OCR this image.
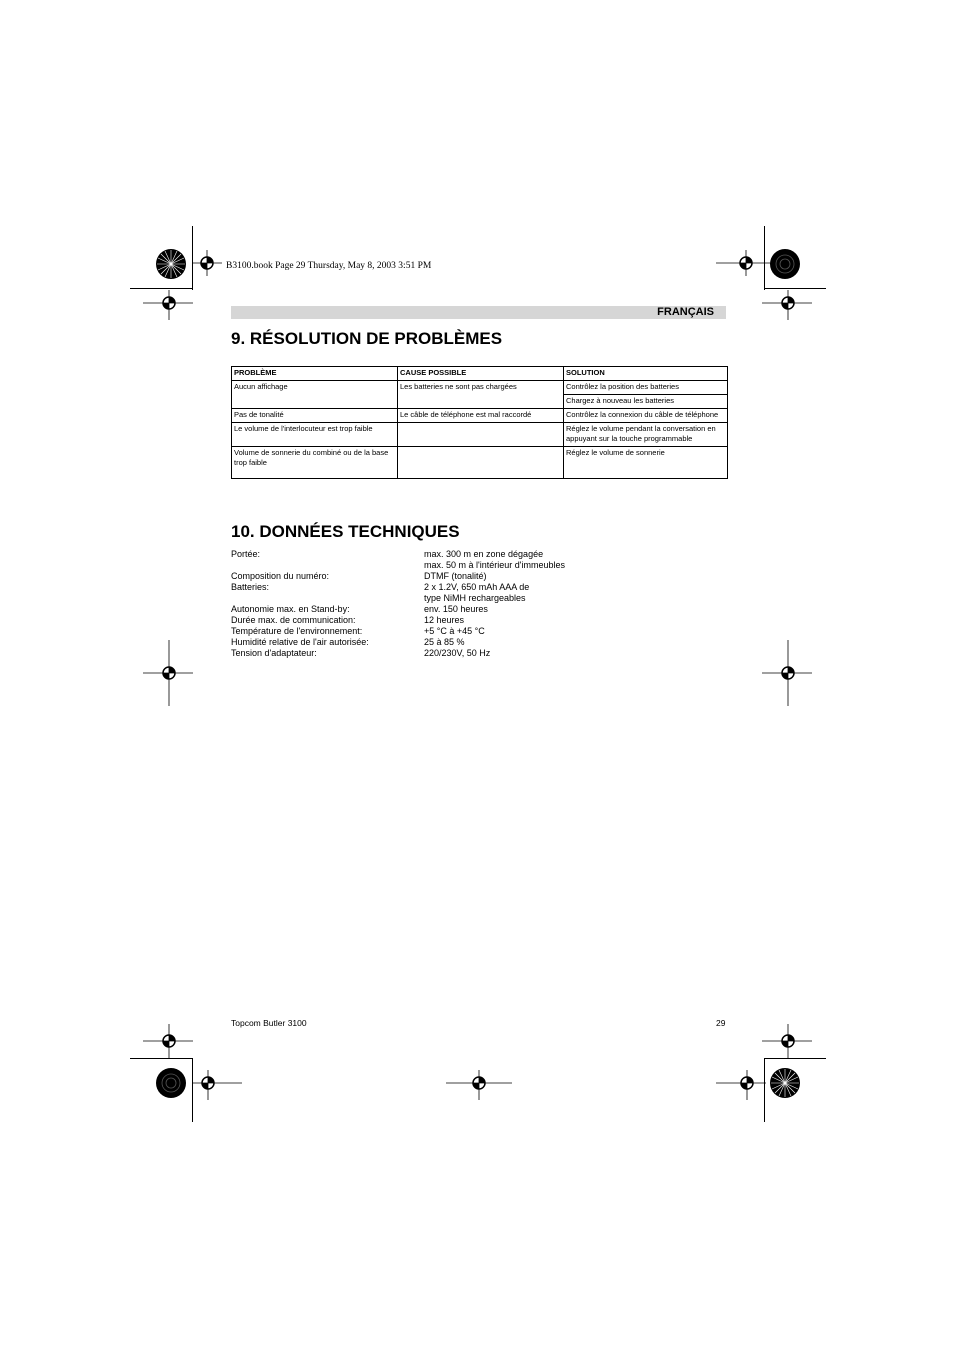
B3100.book Page 29 Thursday, May 8, 2003 3:51 PM
FRANÇAIS
9. RÉSOLUTION DE PROBLÈMES
PROBLÈME	CAUSE POSSIBLE	SOLUTION
Aucun affichage	Les batteries ne sont pas chargées	Contrôlez la position des batteries
		Chargez à nouveau les batteries
Pas de tonalité	Le câble de téléphone est mal raccordé	Contrôlez la connexion du câble de téléphone
Le volume de l'interlocuteur est trop faible		Réglez le volume pendant la conversation en appuyant sur la touche programmable
Volume de sonnerie du combiné ou de la base trop faible		Réglez le volume de sonnerie
10. DONNÉES TECHNIQUES
Portée:	max. 300 m en zone dégagée
max. 50 m à l'intérieur d'immeubles
Composition du numéro:	DTMF (tonalité)
Batteries:	2 x 1.2V, 650 mAh AAA de
type NiMH rechargeables
Autonomie max. en Stand-by:	env. 150 heures
Durée max. de communication:	12 heures
Température de l'environnement:	+5 °C à +45 °C
Humidité relative de l'air autorisée:	25 à 85 %
Tension d'adaptateur:	220/230V, 50 Hz
Topcom Butler 3100	29
